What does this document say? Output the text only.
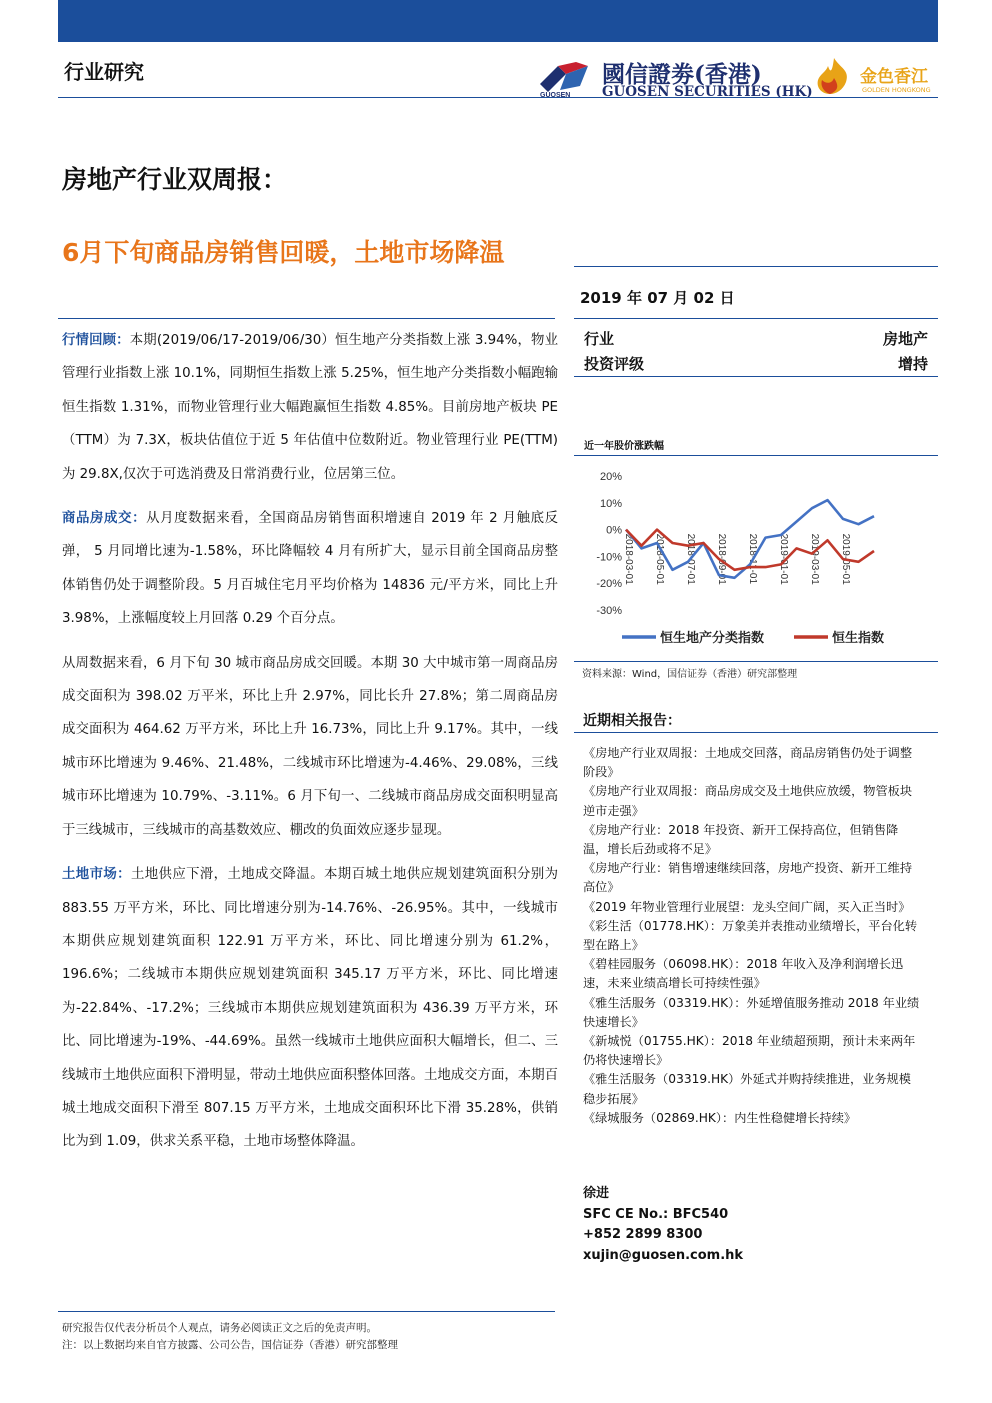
行业研究
GUOSEN
國信證劵(香港)
GUOSEN SECURITIES (HK)
金色香江
GOLDEN HONGKONG
房地产行业双周报：
6月下旬商品房销售回暖，土地市场降温

行情回顾：本期(2019/06/17-2019/06/30）恒生地产分类指数上涨 3.94%，物业管理行业指数上涨 10.1%，同期恒生指数上涨 5.25%，恒生地产分类指数小幅跑输恒生指数 1.31%，而物业管理行业大幅跑赢恒生指数 4.85%。目前房地产板块 PE（TTM）为 7.3X，板块估值位于近 5 年估值中位数附近。物业管理行业 PE(TTM)为 29.8X,仅次于可选消费及日常消费行业，位居第三位。

商品房成交：从月度数据来看，全国商品房销售面积增速自 2019 年 2 月触底反弹， 5 月同增比速为-1.58%，环比降幅较 4 月有所扩大，显示目前全国商品房整体销售仍处于调整阶段。5 月百城住宅月平均价格为 14836 元/平方米，同比上升 3.98%，上涨幅度较上月回落 0.29 个百分点。

从周数据来看，6 月下旬 30 城市商品房成交回暖。本期 30 大中城市第一周商品房成交面积为 398.02 万平米，环比上升 2.97%，同比长升 27.8%；第二周商品房成交面积为 464.62 万平方米，环比上升 16.73%，同比上升 9.17%。其中，一线城市环比增速为 9.46%、21.48%，二线城市环比增速为-4.46%、29.08%，三线城市环比增速为 10.79%、-3.11%。6 月下旬一、二线城市商品房成交面积明显高于三线城市，三线城市的高基数效应、棚改的负面效应逐步显现。

土地市场：土地供应下滑，土地成交降温。本期百城土地供应规划建筑面积分别为 883.55 万平方米，环比、同比增速分别为-14.76%、-26.95%。其中，一线城市本期供应规划建筑面积 122.91 万平方米，环比、同比增速分别为 61.2%，196.6%；二线城市本期供应规划建筑面积 345.17 万平方米，环比、同比增速为-22.84%、-17.2%；三线城市本期供应规划建筑面积为 436.39 万平方米，环比、同比增速为-19%、-44.69%。虽然一线城市土地供应面积大幅增长，但二、三线城市土地供应面积下滑明显，带动土地供应面积整体回落。土地成交方面，本期百城土地成交面积下滑至 807.15 万平方米，土地成交面积环比下滑 35.28%，供销比为到 1.09，供求关系平稳，土地市场整体降温。

2019 年 07 月 02 日
行业	房地产
投资评级	增持
近一年股价涨跌幅
20%
10%
0%
-10%
-20%
-30%
2018-03-01 2018-05-01 2018-07-01 2018-09-01 2018-11-01 2019-01-01 2019-03-01 2019-05-01
恒生地产分类指数	恒生指数
资料来源：Wind，国信证券（香港）研究部整理
近期相关报告：
《房地产行业双周报：土地成交回落，商品房销售仍处于调整阶段》
《房地产行业双周报：商品房成交及土地供应放缓，物管板块逆市走强》
《房地产行业：2018 年投资、新开工保持高位，但销售降温，增长后劲或将不足》
《房地产行业：销售增速继续回落，房地产投资、新开工维持高位》
《2019 年物业管理行业展望：龙头空间广阔，买入正当时》
《彩生活（01778.HK）：万象美并表推动业绩增长，平台化转型在路上》
《碧桂园服务（06098.HK）：2018 年收入及净利润增长迅速，未来业绩高增长可持续性强》
《雅生活服务（03319.HK）：外延增值服务推动 2018 年业绩快速增长》
《新城悦（01755.HK）：2018 年业绩超预期，预计未来两年仍将快速增长》
《雅生活服务（03319.HK）外延式并购持续推进，业务规模稳步拓展》
《绿城服务（02869.HK）：内生性稳健增长持续》
徐进
SFC CE No.: BFC540
+852 2899 8300
xujin@guosen.com.hk
研究报告仅代表分析员个人观点，请务必阅读正文之后的免责声明。
注：以上数据均来自官方披露、公司公告，国信证券（香港）研究部整理
